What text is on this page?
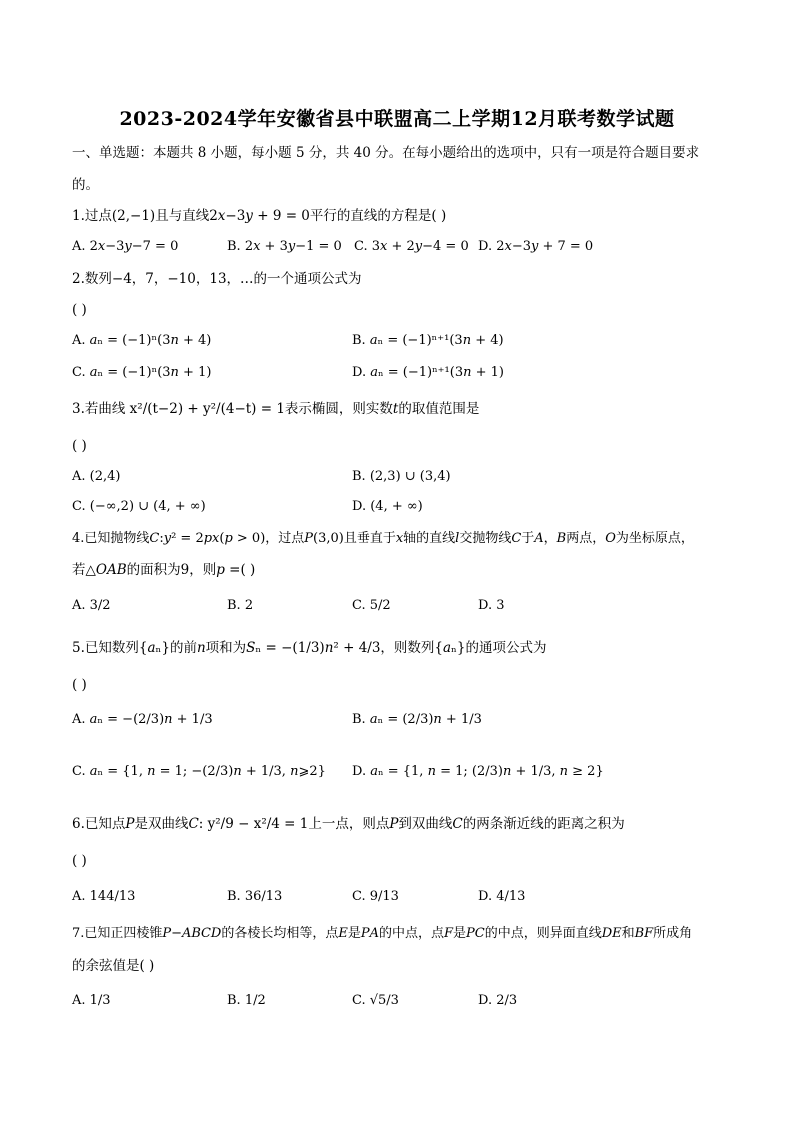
2023-2024学年安徽省县中联盟高二上学期12月联考数学试题
一、单选题：本题共 8 小题，每小题 5 分，共 40 分。在每小题给出的选项中，只有一项是符合题目要求
的。
1.过点(2,−1)且与直线2𝑥−3𝑦 + 9 = 0平行的直线的方程是( )
A. 2𝑥−3𝑦−7 = 0	B. 2𝑥 + 3𝑦−1 = 0 C. 3𝑥 + 2𝑦−4 = 0 D. 2𝑥−3𝑦 + 7 = 0
2.数列−4，7，−10，13，…的一个通项公式为
( )
A. 𝑎ₙ = (−1)ⁿ(3𝑛 + 4)	B. 𝑎ₙ = (−1)ⁿ⁺¹(3𝑛 + 4)
C. 𝑎ₙ = (−1)ⁿ(3𝑛 + 1)	D. 𝑎ₙ = (−1)ⁿ⁺¹(3𝑛 + 1)
3.若曲线 x²/(t−2) + y²/(4−t) = 1表示椭圆，则实数𝑡的取值范围是
( )
A. (2,4)	B. (2,3) ∪ (3,4)
C. (−∞,2) ∪ (4, + ∞)	D. (4, + ∞)
4.已知抛物线𝐶:𝑦² = 2𝑝𝑥(𝑝 > 0)，过点𝑃(3,0)且垂直于𝑥轴的直线𝑙交抛物线𝐶于𝐴，𝐵两点，𝑂为坐标原点，
若△𝑂𝐴𝐵的面积为9，则𝑝 =( )
A. 3/2	B. 2	C. 5/2	D. 3
5.已知数列{𝑎ₙ}的前𝑛项和为𝑆ₙ = −(1/3)𝑛² + 4/3，则数列{𝑎ₙ}的通项公式为
( )
A. 𝑎ₙ = −(2/3)𝑛 + 1/3	B. 𝑎ₙ = (2/3)𝑛 + 1/3
C. 𝑎ₙ = {1, 𝑛 = 1; −(2/3)𝑛 + 1/3, 𝑛⩾2} D. 𝑎ₙ = {1, 𝑛 = 1; (2/3)𝑛 + 1/3, 𝑛 ≥ 2}
6.已知点𝑃是双曲线𝐶: y²/9 − x²/4 = 1上一点，则点𝑃到双曲线𝐶的两条渐近线的距离之积为
( )
A. 144/13	B. 36/13	C. 9/13	D. 4/13
7.已知正四棱锥𝑃−𝐴𝐵𝐶𝐷的各棱长均相等，点𝐸是𝑃𝐴的中点，点𝐹是𝑃𝐶的中点，则异面直线𝐷𝐸和𝐵𝐹所成角
的余弦值是( )
A. 1/3	B. 1/2	C. √5/3	D. 2/3
